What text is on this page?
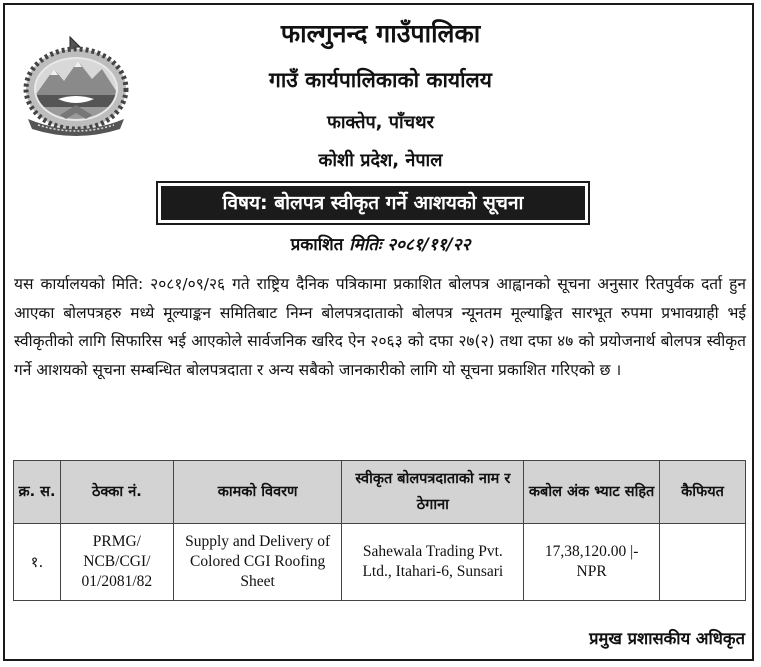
फाल्गुनन्द गाउँपालिका
गाउँ कार्यपालिकाको कार्यालय
फाक्तेप, पाँचथर
कोशी प्रदेश, नेपाल
विषय: बोलपत्र स्वीकृत गर्ने आशयको सूचना
प्रकाशित मितिः २०८१/११/२२

यस कार्यालयको मिति: २०८१/०९/२६ गते राष्ट्रिय दैनिक पत्रिकामा प्रकाशित बोलपत्र आह्वानको सूचना अनुसार रितपुर्वक दर्ता हुन आएका बोलपत्रहरु मध्ये मूल्याङ्कन समितिबाट निम्न बोलपत्रदाताको बोलपत्र न्यूनतम मूल्याङ्कित सारभूत रुपमा प्रभावग्राही भई स्वीकृतीको लागि सिफारिस भई आएकोले सार्वजनिक खरिद ऐन २०६३ को दफा २७(२) तथा दफा ४७ को प्रयोजनार्थ बोलपत्र स्वीकृत गर्ने आशयको सूचना सम्बन्धित बोलपत्रदाता र अन्य सबैको जानकारीको लागि यो सूचना प्रकाशित गरिएको छ ।

क्र. स.	ठेक्का नं.	कामको विवरण	स्वीकृत बोलपत्रदाताको नाम र ठेगाना	कबोल अंक भ्याट सहित	कैफियत
१.	PRMG/ NCB/CGI/ 01/2081/82	Supply and Delivery of Colored CGI Roofing Sheet	Sahewala Trading Pvt. Ltd., Itahari-6, Sunsari	17,38,120.00 |- NPR	
प्रमुख प्रशासकीय अधिकृत
